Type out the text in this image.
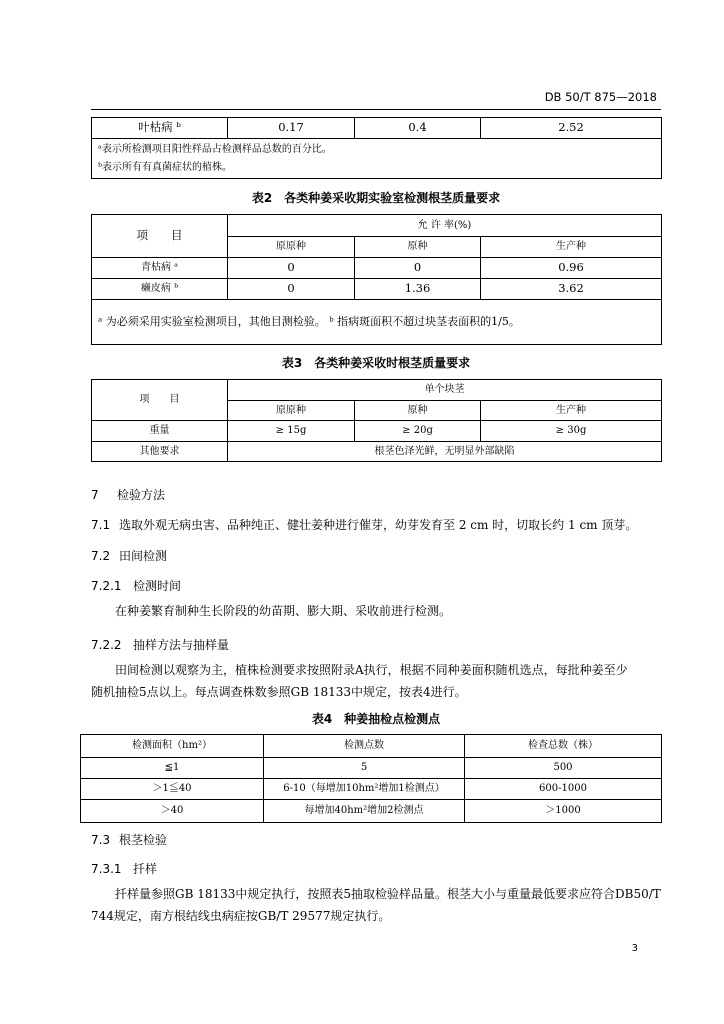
DB 50/T 875—2018
叶枯病 ᵇ	0.17	0.4	2.52

ᵃ表示所检测项目阳性样品占检测样品总数的百分比。
ᵇ表示所有有真菌症状的植株。
表2　各类种姜采收期实验室检测根茎质量要求
项　　目	允 许 率(%)		
	原原种	原种	生产种
青枯病 ᵃ	0	0	0.96
癞皮病 ᵇ	0	1.36	3.62
ᵃ 为必须采用实验室检测项目，其他目测检验。 ᵇ 指病斑面积不超过块茎表面积的1/5。			
表3　各类种姜采收时根茎质量要求
项　　目	单个块茎		
	原原种	原种	生产种
重量	≥ 15g	≥ 20g	≥ 30g
其他要求	根茎色泽光鲜，无明显外部缺陷		
7 检验方法
7.1 选取外观无病虫害、品种纯正、健壮姜种进行催芽，幼芽发育至 2 cm 时，切取长约 1 cm 顶芽。
7.2 田间检测
7.2.1 检测时间
在种姜繁育制种生长阶段的幼苗期、膨大期、采收前进行检测。
7.2.2 抽样方法与抽样量
田间检测以观察为主，植株检测要求按照附录A执行，根据不同种姜面积随机选点，每批种姜至少
随机抽检5点以上。每点调查株数参照GB 18133中规定，按表4进行。
表4　种姜抽检点检测点
检测面积（hm²）	检测点数	检查总数（株）
≦1	5	500
＞1≦40	6-10（每增加10hm²增加1检测点）	600-1000
＞40	每增加40hm²增加2检测点	＞1000
7.3 根茎检验
7.3.1 扦样
扦样量参照GB 18133中规定执行，按照表5抽取检验样品量。根茎大小与重量最低要求应符合DB50/T
744规定，南方根结线虫病症按GB/T 29577规定执行。
3
